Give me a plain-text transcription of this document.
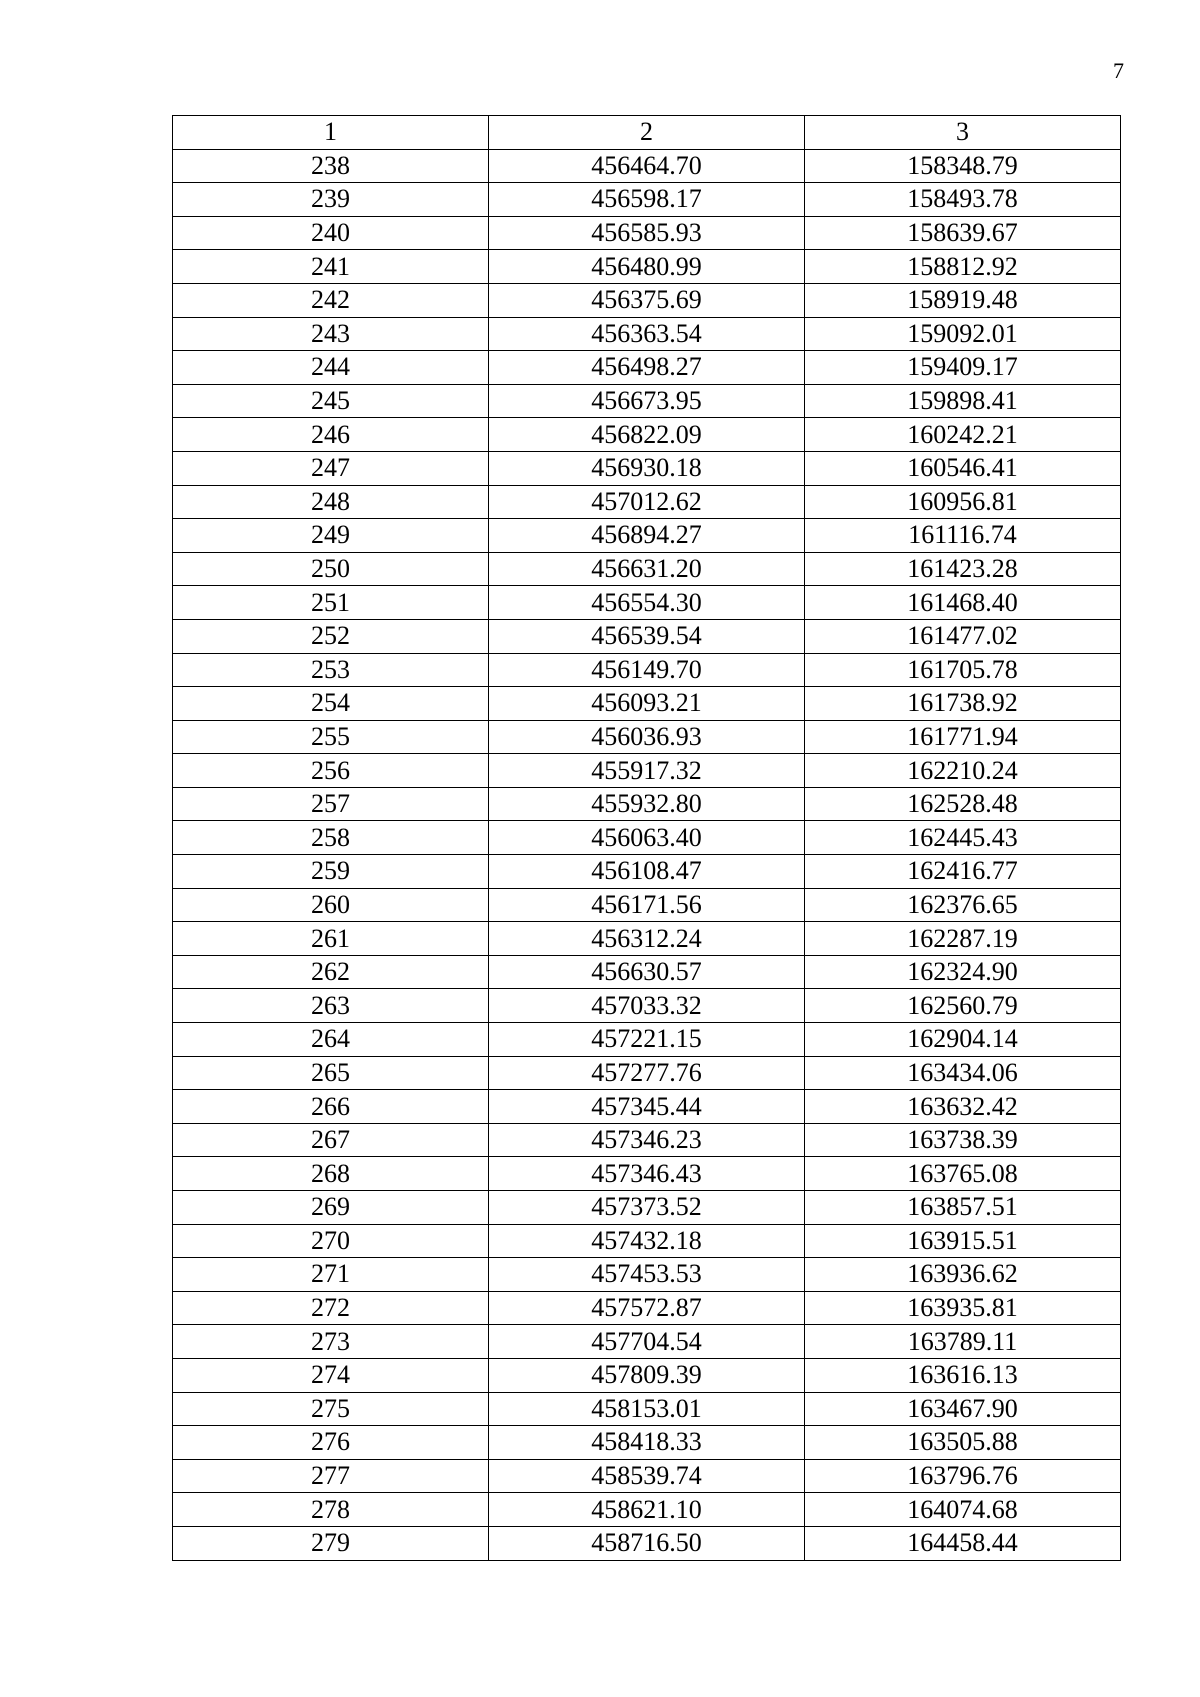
7
1	2	3
238	456464.70	158348.79
239	456598.17	158493.78
240	456585.93	158639.67
241	456480.99	158812.92
242	456375.69	158919.48
243	456363.54	159092.01
244	456498.27	159409.17
245	456673.95	159898.41
246	456822.09	160242.21
247	456930.18	160546.41
248	457012.62	160956.81
249	456894.27	161116.74
250	456631.20	161423.28
251	456554.30	161468.40
252	456539.54	161477.02
253	456149.70	161705.78
254	456093.21	161738.92
255	456036.93	161771.94
256	455917.32	162210.24
257	455932.80	162528.48
258	456063.40	162445.43
259	456108.47	162416.77
260	456171.56	162376.65
261	456312.24	162287.19
262	456630.57	162324.90
263	457033.32	162560.79
264	457221.15	162904.14
265	457277.76	163434.06
266	457345.44	163632.42
267	457346.23	163738.39
268	457346.43	163765.08
269	457373.52	163857.51
270	457432.18	163915.51
271	457453.53	163936.62
272	457572.87	163935.81
273	457704.54	163789.11
274	457809.39	163616.13
275	458153.01	163467.90
276	458418.33	163505.88
277	458539.74	163796.76
278	458621.10	164074.68
279	458716.50	164458.44
